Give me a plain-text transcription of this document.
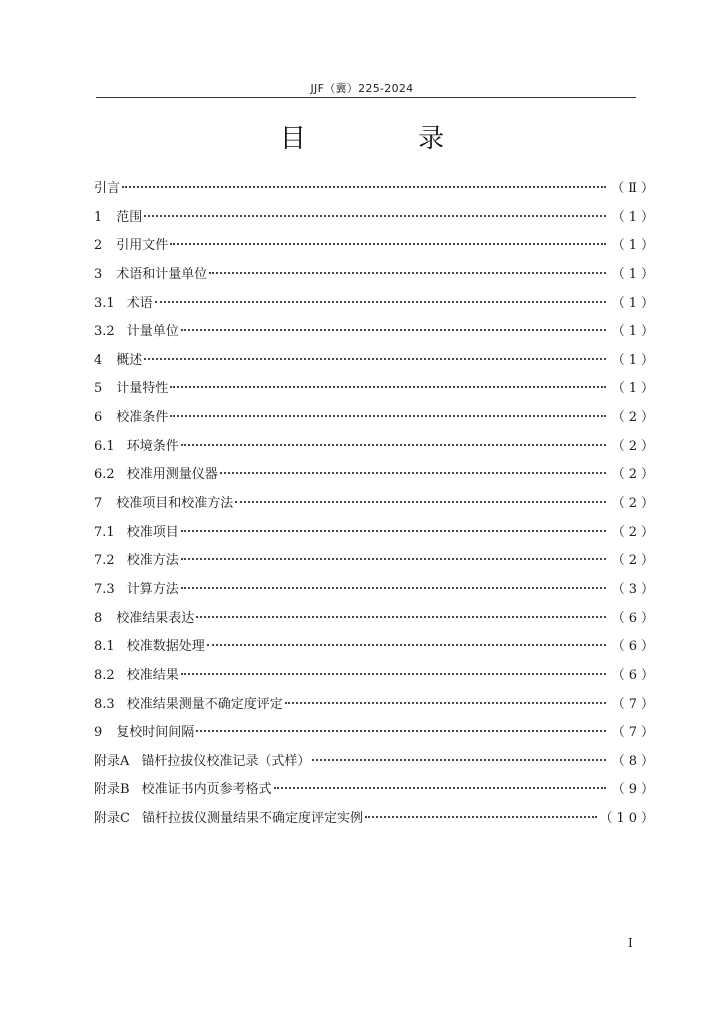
JJF（冀）225-2024
目 录
引言	（Ⅱ）
1 范围	（1）
2 引用文件	（1）
3 术语和计量单位	（1）
3.1 术语	（1）
3.2 计量单位	（1）
4 概述	（1）
5 计量特性	（1）
6 校准条件	（2）
6.1 环境条件	（2）
6.2 校准用测量仪器	（2）
7 校准项目和校准方法	（2）
7.1 校准项目	（2）
7.2 校准方法	（2）
7.3 计算方法	（3）
8 校准结果表达	（6）
8.1 校准数据处理	（6）
8.2 校准结果	（6）
8.3 校准结果测量不确定度评定	（7）
9 复校时间间隔	（7）
附录A 锚杆拉拔仪校准记录（式样）	（8）
附录B 校准证书内页参考格式	（9）
附录C 锚杆拉拔仪测量结果不确定度评定实例	（10）
I
